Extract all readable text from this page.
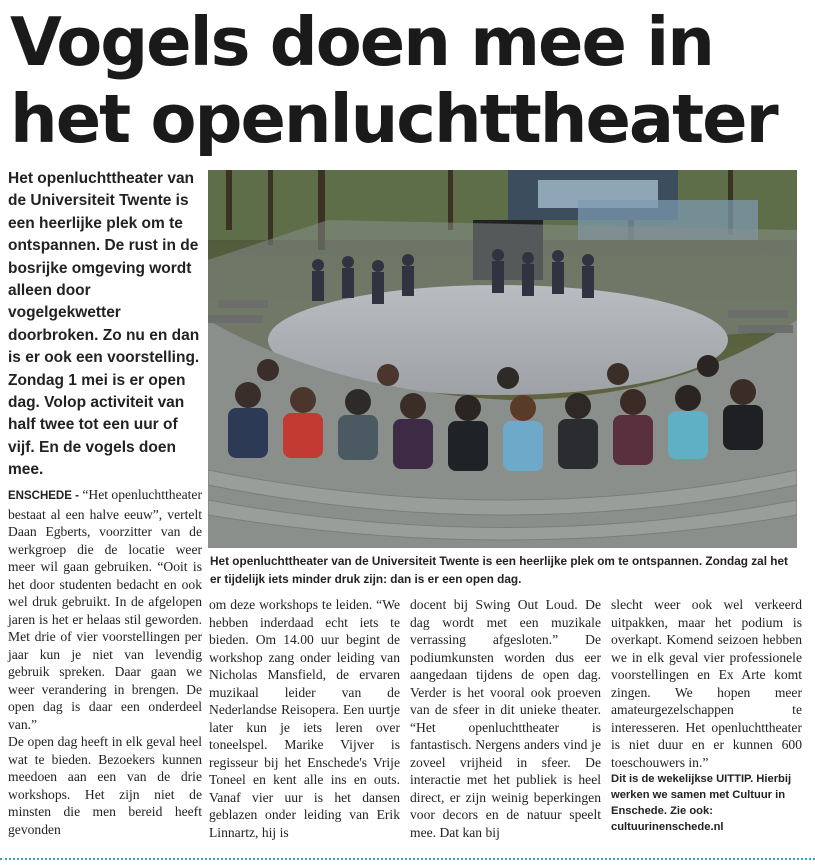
Vogels doen mee in het openluchttheater

Het openluchttheater van de Universiteit Twente is een heerlijke plek om te ontspannen. De rust in de bosrijke omgeving wordt alleen door vogelgekwetter doorbroken. Zo nu en dan is er ook een voorstelling. Zondag 1 mei is er open dag. Volop activiteit van half twee tot een uur of vijf. En de vogels doen mee.

Het openluchttheater van de Universiteit Twente is een heerlijke plek om te ontspannen. Zondag zal het er tijdelijk iets minder druk zijn: dan is er een open dag.

ENSCHEDE - “Het openluchttheater bestaat al een halve eeuw”, vertelt Daan Egberts, voorzitter van de werkgroep die de locatie weer meer wil gaan gebruiken. “Ooit is het door studenten bedacht en ook wel druk gebruikt. In de afgelopen jaren is het er helaas stil geworden. Met drie of vier voorstellingen per jaar kun je niet van levendig gebruik spreken. Daar gaan we weer verandering in brengen. De open dag is daar een onderdeel van.”

De open dag heeft in elk geval heel wat te bieden. Bezoekers kunnen meedoen aan een van de drie workshops. Het zijn niet de minsten die men bereid heeft gevonden

om deze workshops te leiden. “We hebben inderdaad echt iets te bieden. Om 14.00 uur begint de workshop zang onder leiding van Nicholas Mansfield, de ervaren muzikaal leider van de Nederlandse Reisopera. Een uurtje later kun je iets leren over toneelspel. Marike Vijver is regisseur bij het Enschede's Vrije Toneel en kent alle ins en outs. Vanaf vier uur is het dansen geblazen onder leiding van Erik Linnartz, hij is

docent bij Swing Out Loud. De dag wordt met een muzikale verrassing afgesloten.” De podiumkunsten worden dus eer aangedaan tijdens de open dag. Verder is het vooral ook proeven van de sfeer in dit unieke theater. “Het openluchttheater is fantastisch. Nergens anders vind je zoveel vrijheid in sfeer. De interactie met het publiek is heel direct, er zijn weinig beperkingen voor decors en de natuur speelt mee. Dat kan bij

slecht weer ook wel verkeerd uitpakken, maar het podium is overkapt. Komend seizoen hebben we in elk geval vier professionele voorstellingen en Ex Arte komt zingen. We hopen meer amateurgezelschappen te interesseren. Het openluchttheater is niet duur en er kunnen 600 toeschouwers in.”

Dit is de wekelijkse UITTIP. Hierbij werken we samen met Cultuur in Enschede. Zie ook: cultuurinenschede.nl
